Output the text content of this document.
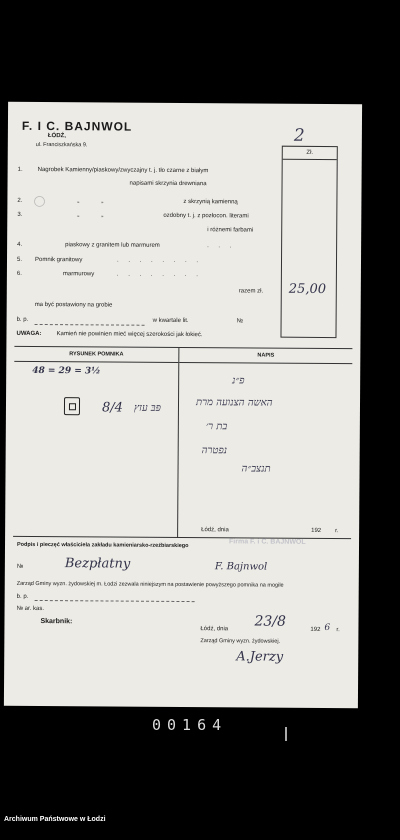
F. I C. BAJNWOL
ŁÓDŹ,
ul. Franciszkańska 9.	2
Zł.
1. Nagrobek Kamienny/piaskowy/zwyczajny t. j. tło czarne z białym
napisami skrzynia drewniana
2. ○	„	„	z skrzynią kamienną
3.	„	„	ozdobny t. j. z pozłocon. literami
i różnemi farbami
4.	piaskowy z granitem lub marmurem	. . .
5. Pomnik granitowy	. . . . . . . .
6.	marmurowy	. . . . . . . .
razem zł. 25,00
ma być postawiony na grobie
b. p.	w kwartale lit.	№
UWAGA: Kamień nie powinien mieć więcej szerokości jak łokieć.
RYSUNEK POMNIKA	NAPIS
48 = 29 = 3½
8/4 פּבּ עזץ
פ״נ
האשה הצנועה מרת
בת ר׳
נפטרה
תנצב״ה
Łódź, dnia	192 r.
Podpis i pieczęć właściciela zakładu kamieniarsko-rzeźbiarskiego	Firma F. i C. BAJNWOL
№	Bezpłatny	F. Bajnwol
Zarząd Gminy wyzn. żydowskiej m. Łodzi zezwala niniejszym na postawienie powyższego pomnika na mogile
b. p.
№ ar. kas.
Skarbnik:
Łódź, dnia 23/8
192 6 r.
Zarząd Gminy wyzn. żydowskiej.
A.Jerzy
00164
Archiwum Państwowe w Łodzi
